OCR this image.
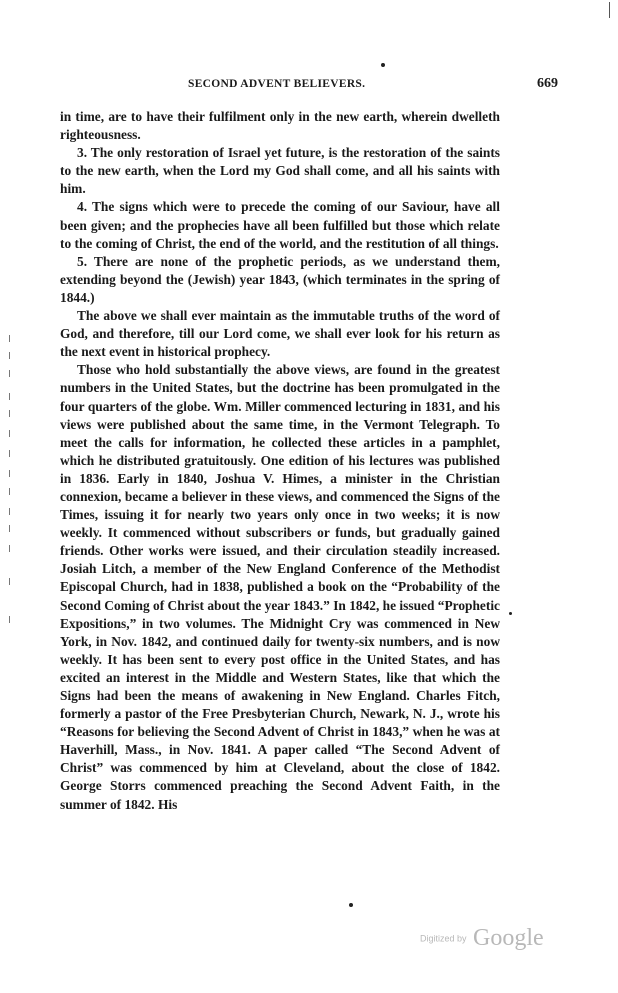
SECOND ADVENT BELIEVERS.	669

in time, are to have their fulfilment only in the new earth, wherein dwelleth righteousness.

3. The only restoration of Israel yet future, is the restoration of the saints to the new earth, when the Lord my God shall come, and all his saints with him.

4. The signs which were to precede the coming of our Saviour, have all been given; and the prophecies have all been fulfilled but those which relate to the coming of Christ, the end of the world, and the restitution of all things.

5. There are none of the prophetic periods, as we understand them, extending beyond the (Jewish) year 1843, (which terminates in the spring of 1844.)

The above we shall ever maintain as the immutable truths of the word of God, and therefore, till our Lord come, we shall ever look for his return as the next event in historical prophecy.

Those who hold substantially the above views, are found in the greatest numbers in the United States, but the doctrine has been promulgated in the four quarters of the globe. Wm. Miller commenced lecturing in 1831, and his views were published about the same time, in the Vermont Telegraph. To meet the calls for information, he collected these articles in a pamphlet, which he distributed gratuitously. One edition of his lectures was published in 1836. Early in 1840, Joshua V. Himes, a minister in the Christian connexion, became a believer in these views, and commenced the Signs of the Times, issuing it for nearly two years only once in two weeks; it is now weekly. It commenced without subscribers or funds, but gradually gained friends. Other works were issued, and their circulation steadily increased. Josiah Litch, a member of the New England Conference of the Methodist Episcopal Church, had in 1838, published a book on the “Probability of the Second Coming of Christ about the year 1843.” In 1842, he issued “Prophetic Expositions,” in two volumes. The Midnight Cry was commenced in New York, in Nov. 1842, and continued daily for twenty-six numbers, and is now weekly. It has been sent to every post office in the United States, and has excited an interest in the Middle and Western States, like that which the Signs had been the means of awakening in New England. Charles Fitch, formerly a pastor of the Free Presbyterian Church, Newark, N. J., wrote his “Reasons for believing the Second Advent of Christ in 1843,” when he was at Haverhill, Mass., in Nov. 1841. A paper called “The Second Advent of Christ” was commenced by him at Cleveland, about the close of 1842. George Storrs commenced preaching the Second Advent Faith, in the summer of 1842. His

Digitized by Google
